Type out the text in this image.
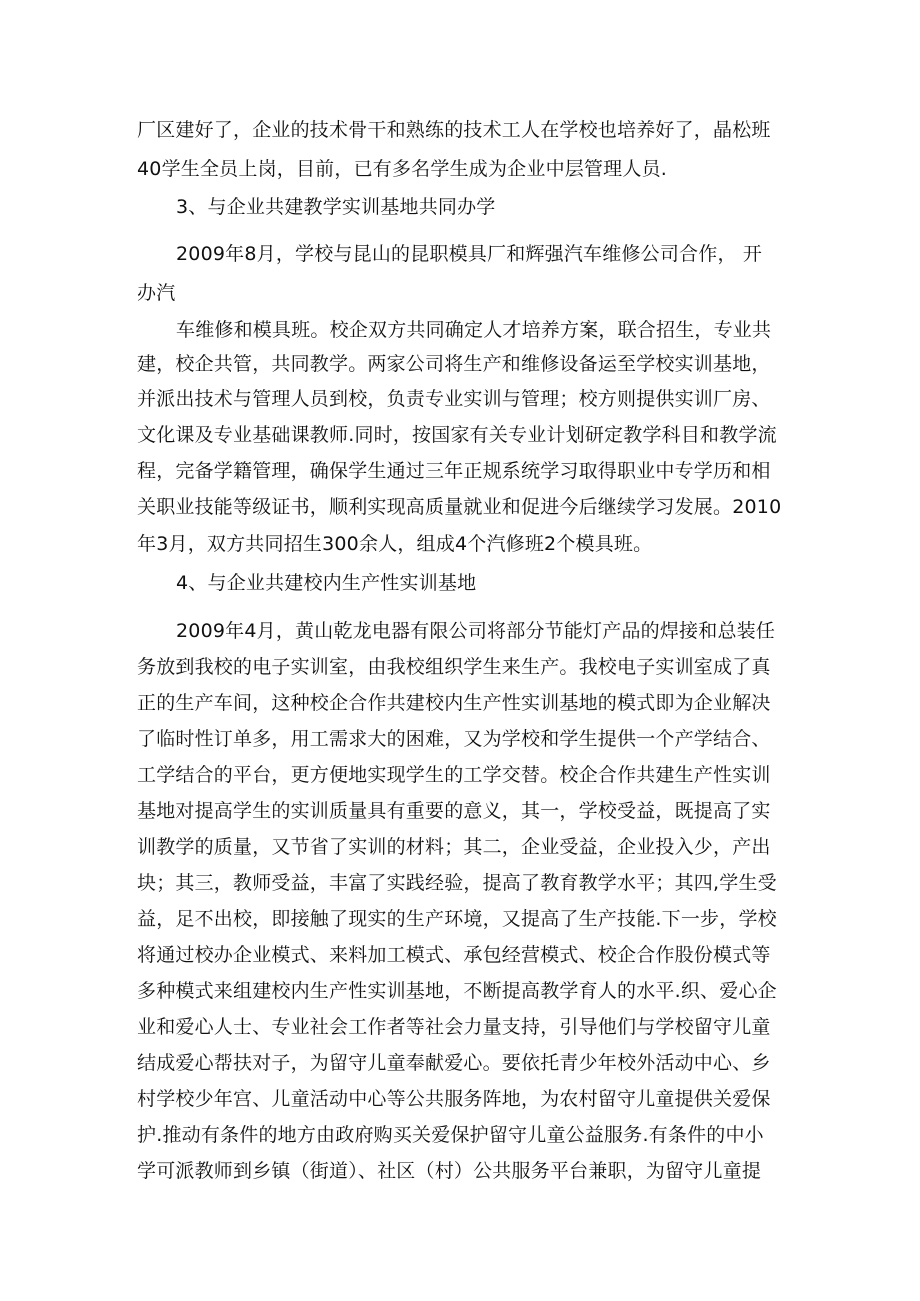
厂区建好了，企业的技术骨干和熟练的技术工人在学校也培养好了，晶松班
40学生全员上岗，目前，已有多名学生成为企业中层管理人员.
3、与企业共建教学实训基地共同办学
2009年8月，学校与昆山的昆职模具厂和辉强汽车维修公司合作， 开
办汽
车维修和模具班。校企双方共同确定人才培养方案，联合招生，专业共
建，校企共管，共同教学。两家公司将生产和维修设备运至学校实训基地，
并派出技术与管理人员到校，负责专业实训与管理；校方则提供实训厂房、
文化课及专业基础课教师.同时，按国家有关专业计划研定教学科目和教学流
程，完备学籍管理，确保学生通过三年正规系统学习取得职业中专学历和相
关职业技能等级证书，顺利实现高质量就业和促进今后继续学习发展。2010
年3月，双方共同招生300余人，组成4个汽修班2个模具班。
4、与企业共建校内生产性实训基地
2009年4月，黄山乾龙电器有限公司将部分节能灯产品的焊接和总装任
务放到我校的电子实训室，由我校组织学生来生产。我校电子实训室成了真
正的生产车间，这种校企合作共建校内生产性实训基地的模式即为企业解决
了临时性订单多，用工需求大的困难，又为学校和学生提供一个产学结合、
工学结合的平台，更方便地实现学生的工学交替。校企合作共建生产性实训
基地对提高学生的实训质量具有重要的意义，其一，学校受益，既提高了实
训教学的质量，又节省了实训的材料；其二，企业受益，企业投入少，产出
块；其三，教师受益，丰富了实践经验，提高了教育教学水平；其四,学生受
益，足不出校，即接触了现实的生产环境，又提高了生产技能.下一步，学校
将通过校办企业模式、来料加工模式、承包经营模式、校企合作股份模式等
多种模式来组建校内生产性实训基地，不断提高教学育人的水平.织、爱心企
业和爱心人士、专业社会工作者等社会力量支持，引导他们与学校留守儿童
结成爱心帮扶对子，为留守儿童奉献爱心。要依托青少年校外活动中心、乡
村学校少年宫、儿童活动中心等公共服务阵地，为农村留守儿童提供关爱保
护.推动有条件的地方由政府购买关爱保护留守儿童公益服务.有条件的中小
学可派教师到乡镇（街道）、社区（村）公共服务平台兼职，为留守儿童提
